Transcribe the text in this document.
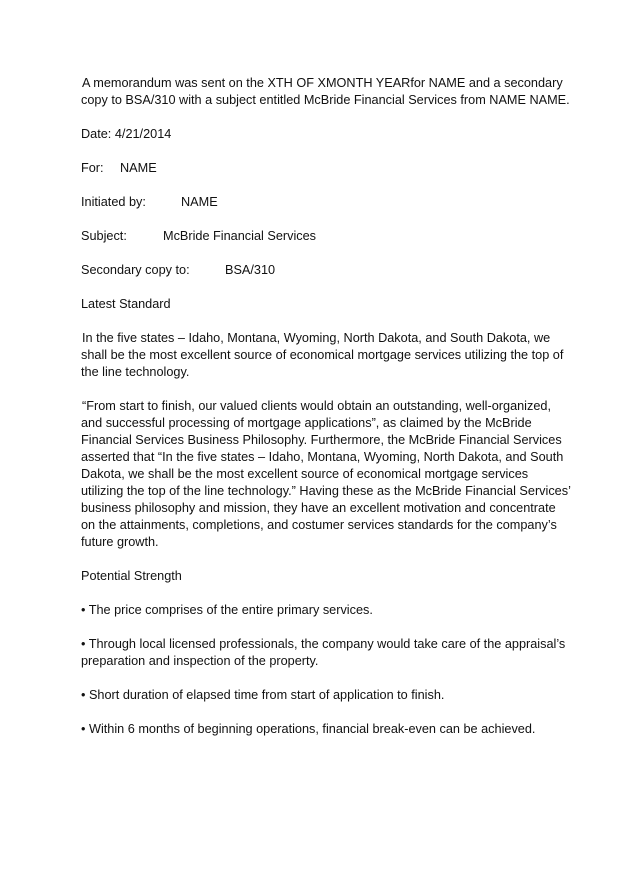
A memorandum was sent on the XTH OF XMONTH YEARfor NAME and a secondary copy to BSA/310 with a subject entitled McBride Financial Services from NAME NAME.

Date: 4/21/2014
For: NAME
Initiated by:	NAME
Subject:	McBride Financial Services
Secondary copy to:	BSA/310
Latest Standard

In the five states – Idaho, Montana, Wyoming, North Dakota, and South Dakota, we shall be the most excellent source of economical mortgage services utilizing the top of the line technology.

“From start to finish, our valued clients would obtain an outstanding, well-organized, and successful processing of mortgage applications”, as claimed by the McBride Financial Services Business Philosophy. Furthermore, the McBride Financial Services asserted that “In the five states – Idaho, Montana, Wyoming, North Dakota, and South Dakota, we shall be the most excellent source of economical mortgage services utilizing the top of the line technology.” Having these as the McBride Financial Services’ business philosophy and mission, they have an excellent motivation and concentrate on the attainments, completions, and costumer services standards for the company’s future growth.

Potential Strength

• The price comprises of the entire primary services.

• Through local licensed professionals, the company would take care of the appraisal’s preparation and inspection of the property.

• Short duration of elapsed time from start of application to finish.

• Within 6 months of beginning operations, financial break-even can be achieved.
